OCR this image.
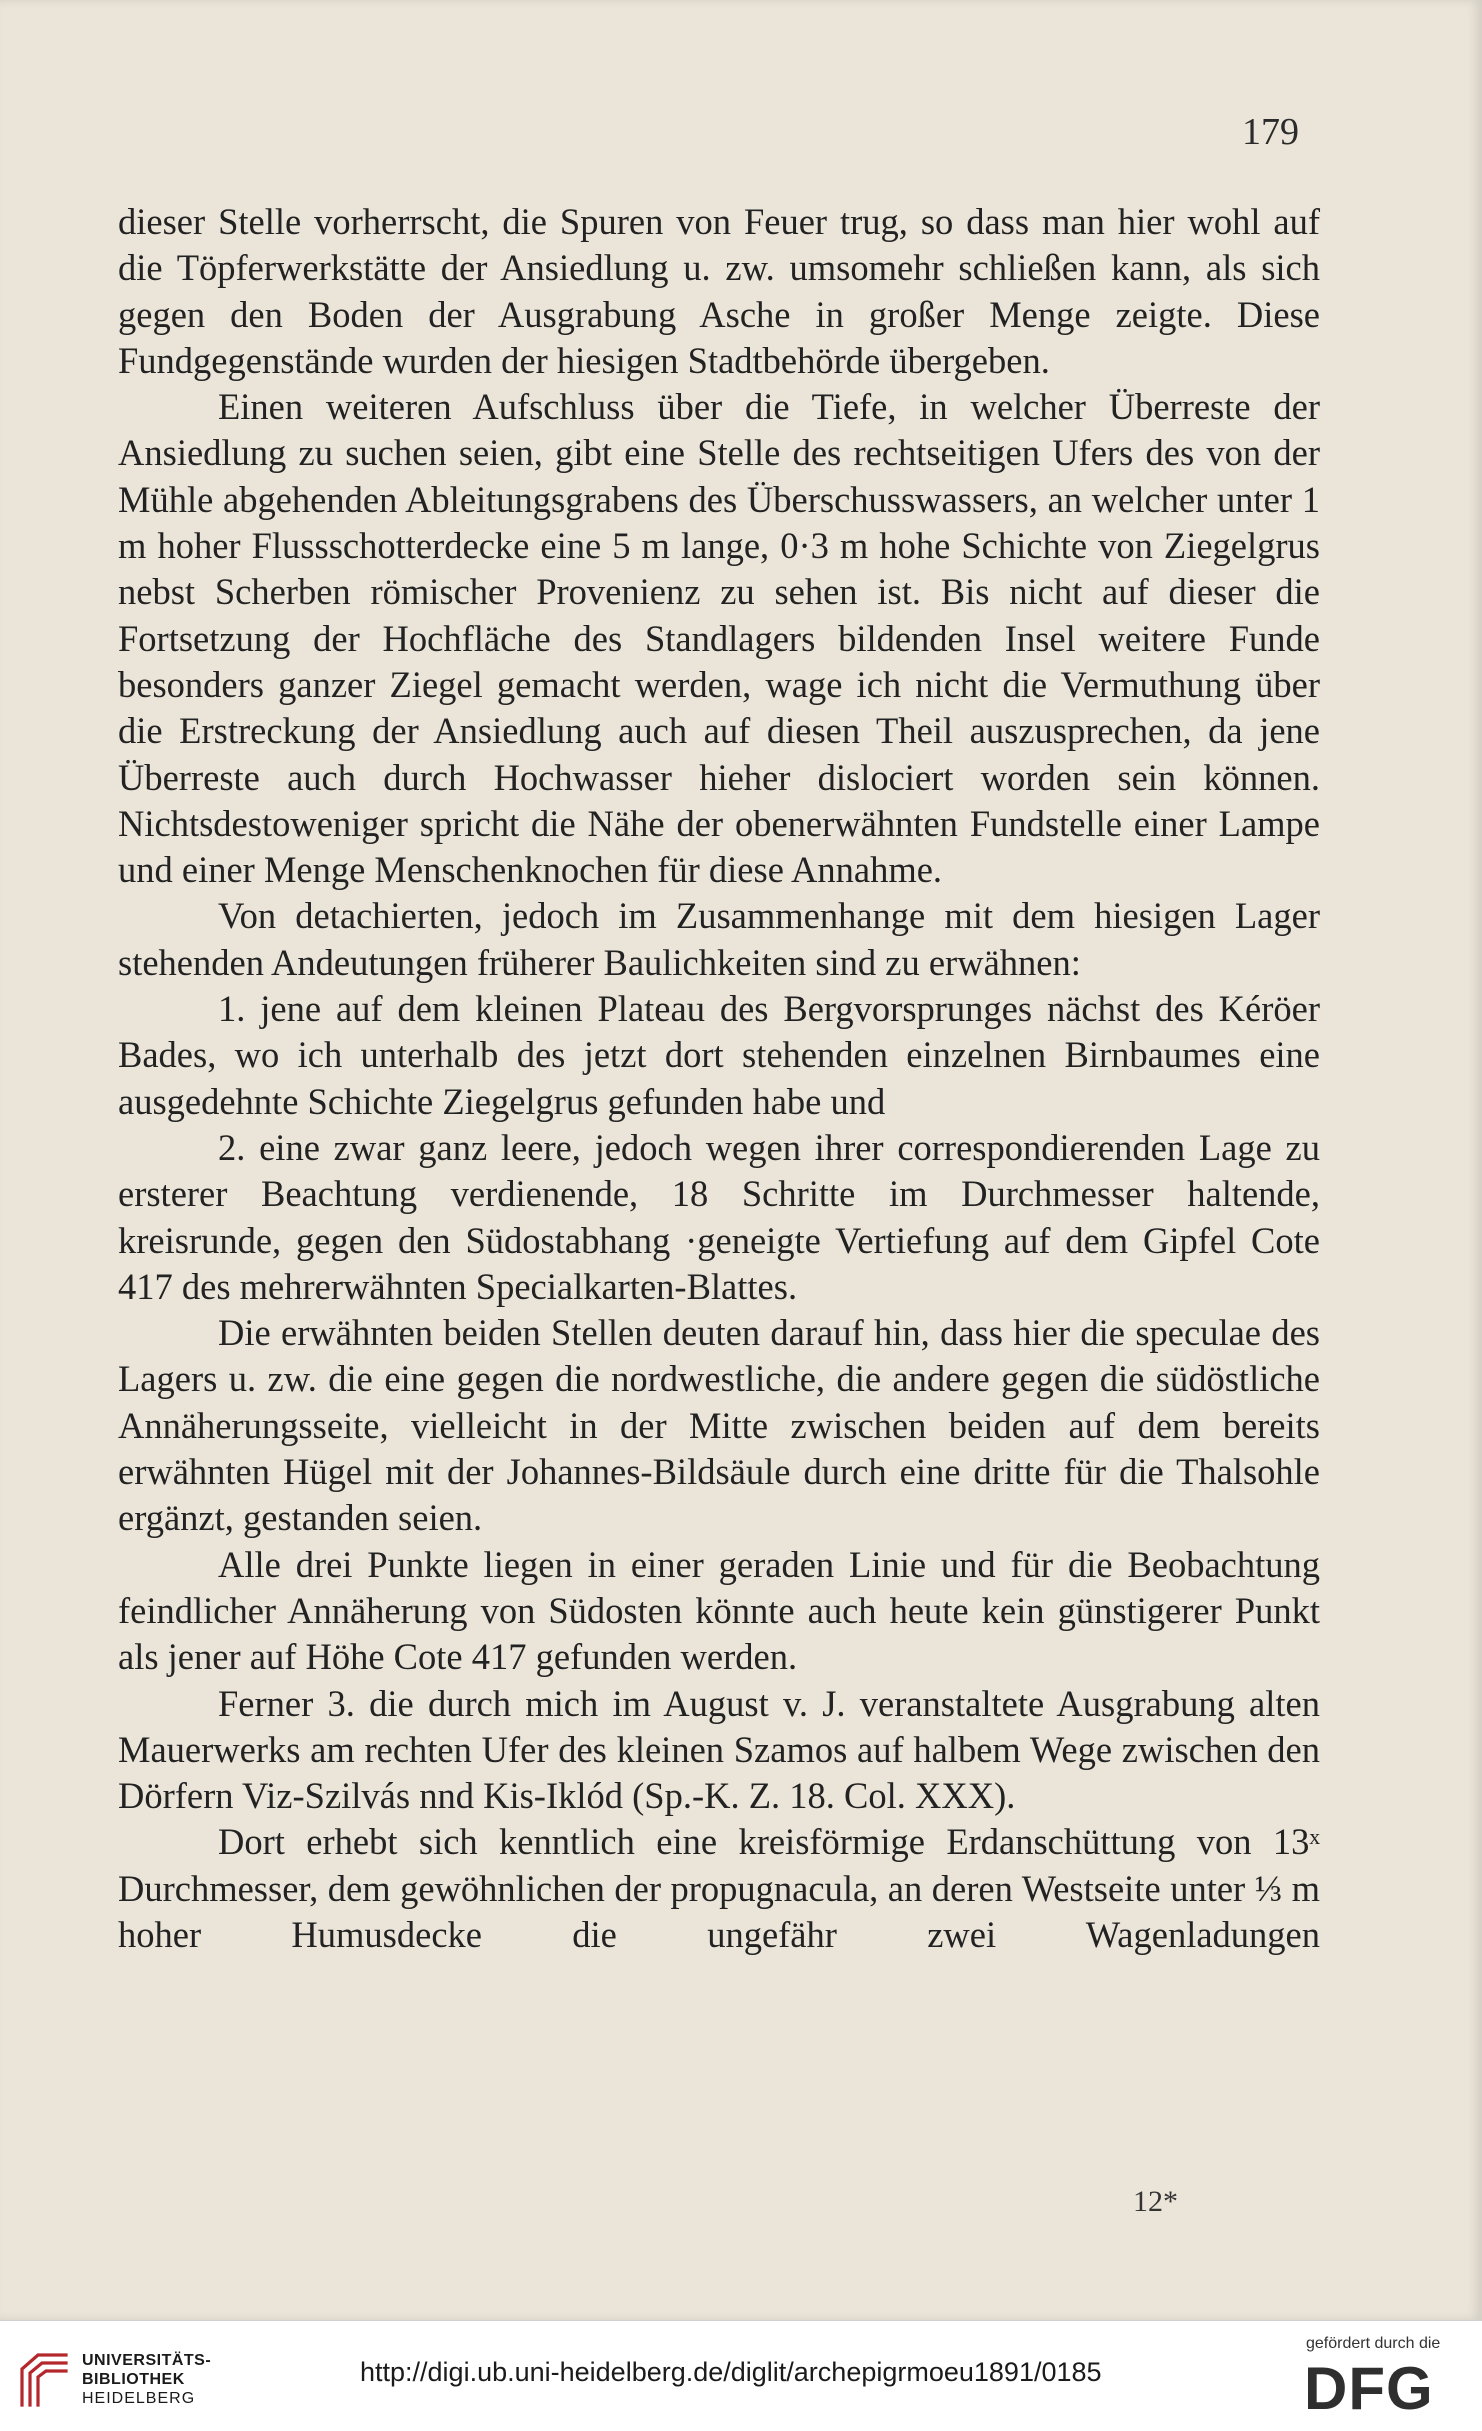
179

dieser Stelle vorherrscht, die Spuren von Feuer trug, so dass man hier wohl auf die Töpferwerkstätte der Ansiedlung u. zw. umsomehr schließen kann, als sich gegen den Boden der Ausgrabung Asche in großer Menge zeigte. Diese Fundgegenstände wurden der hiesigen Stadtbehörde übergeben.

Einen weiteren Aufschluss über die Tiefe, in welcher Überreste der Ansiedlung zu suchen seien, gibt eine Stelle des rechtseitigen Ufers des von der Mühle abgehenden Ableitungsgrabens des Überschusswassers, an welcher unter 1 m hoher Flussschotterdecke eine 5 m lange, 0·3 m hohe Schichte von Ziegelgrus nebst Scherben römischer Provenienz zu sehen ist. Bis nicht auf dieser die Fortsetzung der Hochfläche des Standlagers bildenden Insel weitere Funde besonders ganzer Ziegel gemacht werden, wage ich nicht die Vermuthung über die Erstreckung der Ansiedlung auch auf diesen Theil auszusprechen, da jene Überreste auch durch Hochwasser hieher dislociert worden sein können. Nichtsdestoweniger spricht die Nähe der obenerwähnten Fundstelle einer Lampe und einer Menge Menschenknochen für diese Annahme.

Von detachierten, jedoch im Zusammenhange mit dem hiesigen Lager stehenden Andeutungen früherer Baulichkeiten sind zu erwähnen:

1. jene auf dem kleinen Plateau des Bergvorsprunges nächst des Kéröer Bades, wo ich unterhalb des jetzt dort stehenden einzelnen Birnbaumes eine ausgedehnte Schichte Ziegelgrus gefunden habe und

2. eine zwar ganz leere, jedoch wegen ihrer correspondierenden Lage zu ersterer Beachtung verdienende, 18 Schritte im Durchmesser haltende, kreisrunde, gegen den Südostabhang ·geneigte Vertiefung auf dem Gipfel Cote 417 des mehrerwähnten Specialkarten-Blattes.

Die erwähnten beiden Stellen deuten darauf hin, dass hier die speculae des Lagers u. zw. die eine gegen die nordwestliche, die andere gegen die südöstliche Annäherungsseite, vielleicht in der Mitte zwischen beiden auf dem bereits erwähnten Hügel mit der Johannes-Bildsäule durch eine dritte für die Thalsohle ergänzt, gestanden seien.

Alle drei Punkte liegen in einer geraden Linie und für die Beobachtung feindlicher Annäherung von Südosten könnte auch heute kein günstigerer Punkt als jener auf Höhe Cote 417 gefunden werden.

Ferner 3. die durch mich im August v. J. veranstaltete Ausgrabung alten Mauerwerks am rechten Ufer des kleinen Szamos auf halbem Wege zwischen den Dörfern Viz-Szilvás nnd Kis-Iklód (Sp.-K. Z. 18. Col. XXX).

Dort erhebt sich kenntlich eine kreisförmige Erdanschüttung von 13ˣ Durchmesser, dem gewöhnlichen der propugnacula, an deren Westseite unter ⅓ m hoher Humusdecke die ungefähr zwei Wagenladungen

12*
UNIVERSITÄTS-
BIBLIOTHEK
HEIDELBERG
http://digi.ub.uni-heidelberg.de/diglit/archepigrmoeu1891/0185
gefördert durch die
DFG
